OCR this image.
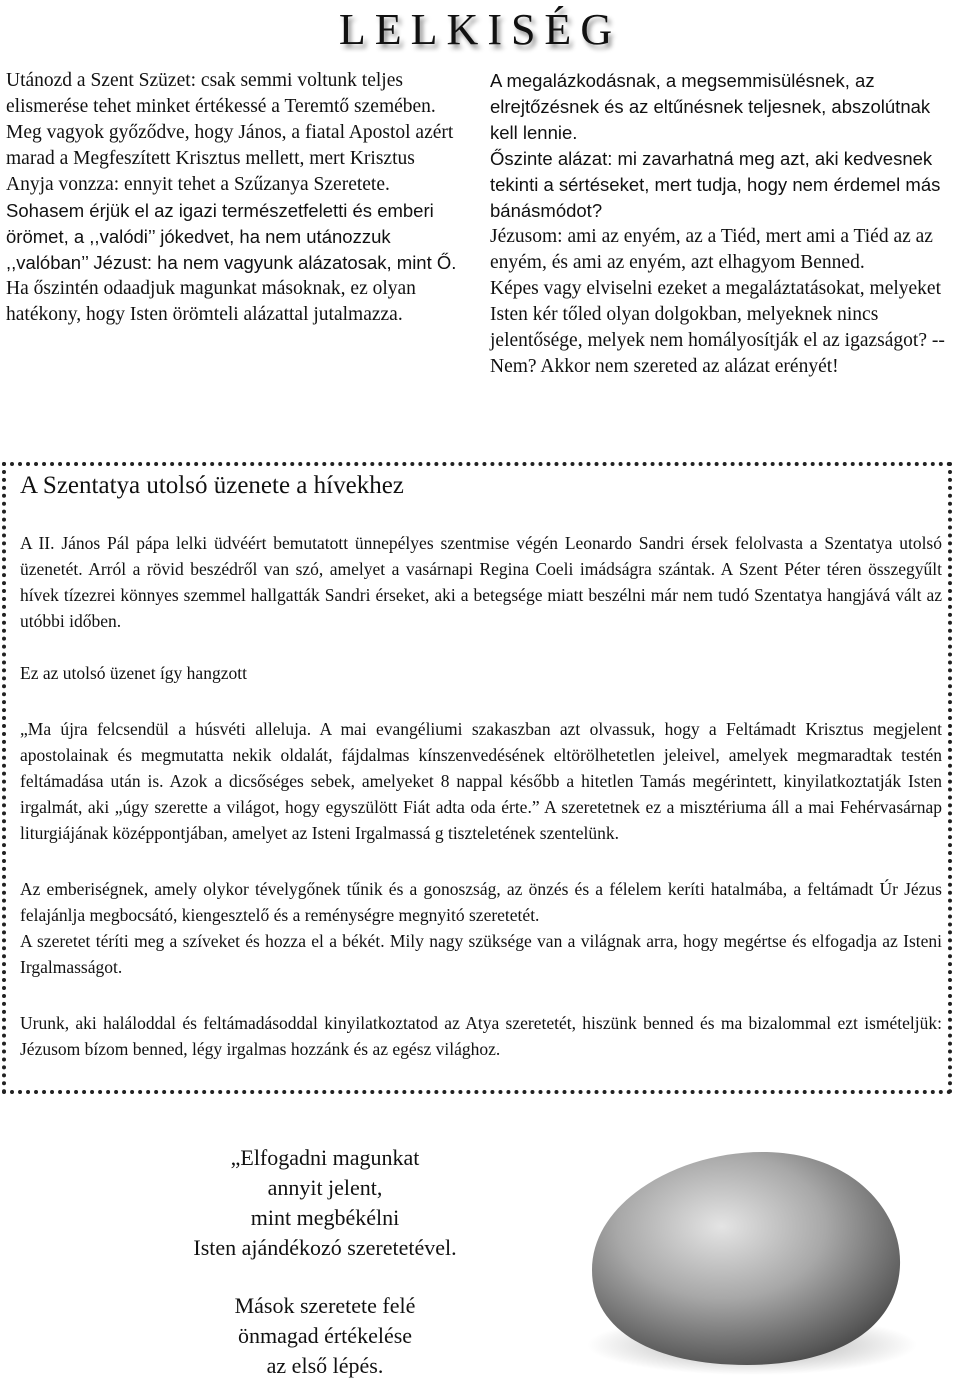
LELKISÉG

Utánozd a Szent Szüzet: csak semmi voltunk teljes elismerése tehet minket értékessé a Teremtő szemében.

Meg vagyok győződve, hogy János, a fiatal Apostol azért marad a Megfeszített Krisztus mellett, mert Krisztus Anyja vonzza: ennyit tehet a Szűzanya Szeretete.

Sohasem érjük el az igazi természetfeletti és emberi örömet, a ,,valódi’’ jókedvet, ha nem utánozzuk ,,valóban’’ Jézust: ha nem vagyunk alázatosak, mint Ő.

Ha őszintén odaadjuk magunkat másoknak, ez olyan hatékony, hogy Isten örömteli alázattal jutalmazza.

A megalázkodásnak, a megsemmisülésnek, az elrejtőzésnek és az eltűnésnek teljesnek, abszolútnak kell lennie.

Őszinte alázat: mi zavarhatná meg azt, aki kedvesnek tekinti a sértéseket, mert tudja, hogy nem érdemel más bánásmódot?

Jézusom: ami az enyém, az a Tiéd, mert ami a Tiéd az az enyém, és ami az enyém, azt elhagyom Benned.

Képes vagy elviselni ezeket a megaláztatásokat, melyeket Isten kér tőled olyan dolgokban, melyeknek nincs jelentősége, melyek nem homályosítják el az igazságot? -- Nem? Akkor nem szereted az alázat erényét!

A Szentatya utolsó üzenete a hívekhez

A II. János Pál pápa lelki üdvéért bemutatott ünnepélyes szentmise végén Leonardo Sandri érsek felolvasta a Szentatya utolsó üzenetét. Arról a rövid beszédről van szó, amelyet a vasárnapi Regina Coeli imádságra szántak. A Szent Péter téren összegyűlt hívek tízezrei könnyes szemmel hallgatták Sandri érseket, aki a betegsége miatt beszélni már nem tudó Szentatya hangjává vált az utóbbi időben.

Ez az utolsó üzenet így hangzott

„Ma újra felcsendül a húsvéti alleluja. A mai evangéliumi szakaszban azt olvassuk, hogy a Feltámadt Krisztus megjelent apostolainak és megmutatta nekik oldalát, fájdalmas kínszenvedésének eltörölhetetlen jeleivel, amelyek megmaradtak testén feltámadása után is. Azok a dicsőséges sebek, amelyeket 8 nappal később a hitetlen Tamás megérintett, kinyilatkoztatják Isten irgalmát, aki „úgy szerette a világot, hogy egyszülött Fiát adta oda érte.” A szeretetnek ez a misztériuma áll a mai Fehérvasárnap liturgiájának középpontjában, amelyet az Isteni Irgalmassá g tiszteletének szentelünk.

Az emberiségnek, amely olykor tévelygőnek tűnik és a gonoszság, az önzés és a félelem keríti hatalmába, a feltámadt Úr Jézus felajánlja megbocsátó, kiengesztelő és a reménységre megnyitó szeretetét.

A szeretet téríti meg a szíveket és hozza el a békét. Mily nagy szüksége van a világnak arra, hogy megértse és elfogadja az Isteni Irgalmasságot.

Urunk, aki haláloddal és feltámadásoddal kinyilatkoztatod az Atya szeretetét, hiszünk benned és ma bizalommal ezt ismételjük: Jézusom bízom benned, légy irgalmas hozzánk és az egész világhoz.

„Elfogadni magunkat

annyit jelent,

mint megbékélni

Isten ajándékozó szeretetével.

Mások szeretete felé

önmagad értékelése

az első lépés.
